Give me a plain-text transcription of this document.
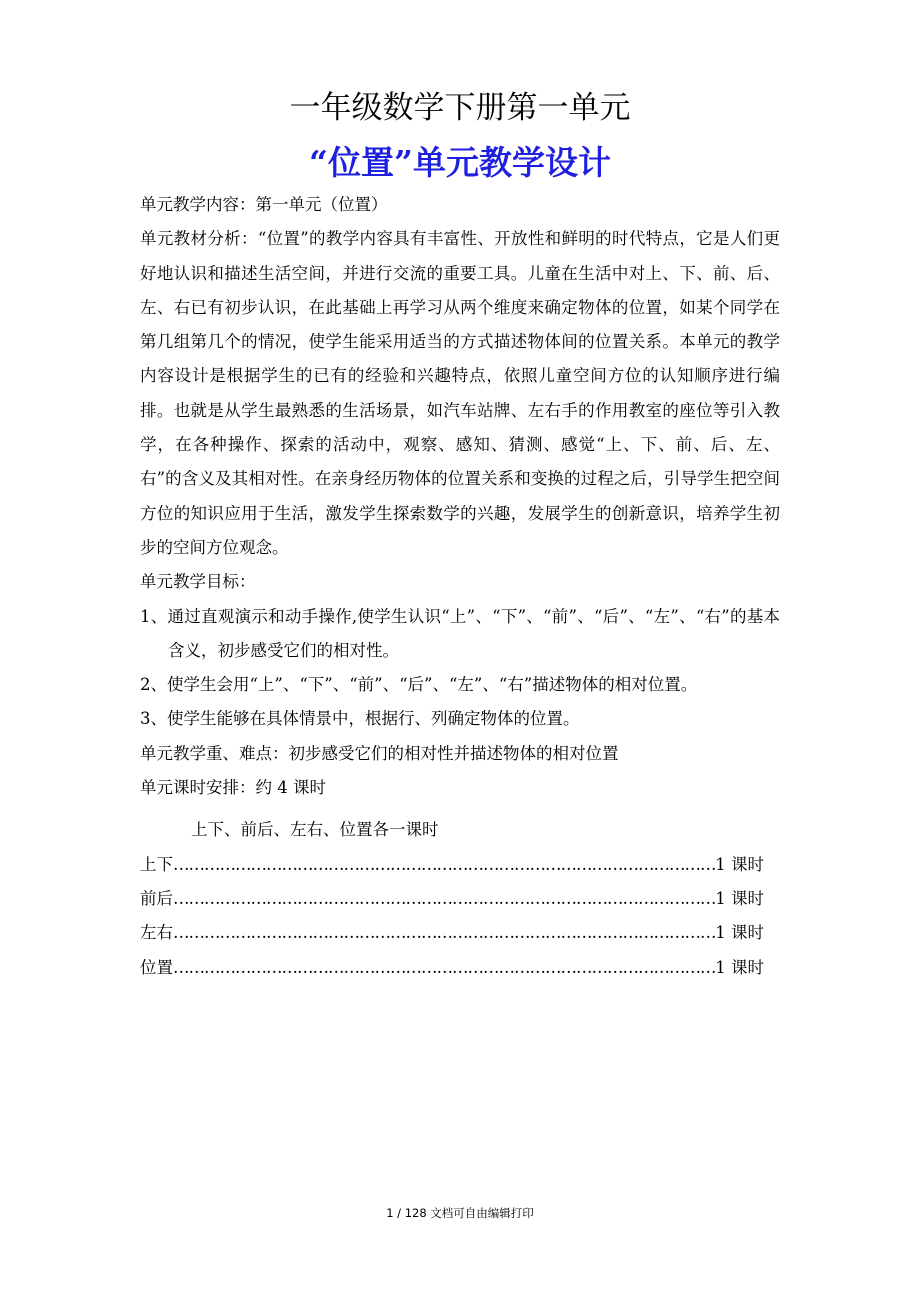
一年级数学下册第一单元
“位置”单元教学设计

单元教学内容：第一单元（位置）

单元教材分析：“位置”的教学内容具有丰富性、开放性和鲜明的时代特点，它是人们更好地认识和描述生活空间，并进行交流的重要工具。儿童在生活中对上、下、前、后、左、右已有初步认识，在此基础上再学习从两个维度来确定物体的位置，如某个同学在第几组第几个的情况，使学生能采用适当的方式描述物体间的位置关系。本单元的教学内容设计是根据学生的已有的经验和兴趣特点，依照儿童空间方位的认知顺序进行编排。也就是从学生最熟悉的生活场景，如汽车站牌、左右手的作用教室的座位等引入教学，在各种操作、探索的活动中，观察、感知、猜测、感觉“上、下、前、后、左、右”的含义及其相对性。在亲身经历物体的位置关系和变换的过程之后，引导学生把空间方位的知识应用于生活，激发学生探索数学的兴趣，发展学生的创新意识，培养学生初步的空间方位观念。

单元教学目标：

1、通过直观演示和动手操作,使学生认识“上”、“下”、“前”、“后”、“左”、“右”的基本含义，初步感受它们的相对性。

2、使学生会用“上”、“下”、“前”、“后”、“左”、“右”描述物体的相对位置。

3、使学生能够在具体情景中，根据行、列确定物体的位置。

单元教学重、难点：初步感受它们的相对性并描述物体的相对位置

单元课时安排：约 4 课时

上下、前后、左右、位置各一课时

上下 …………………………………………………………………………………………………………………………………………	1 课时
前后 …………………………………………………………………………………………………………………………………………	1 课时
左右 …………………………………………………………………………………………………………………………………………	1 课时
位置 …………………………………………………………………………………………………………………………………………	1 课时
1 / 128 文档可自由编辑打印
